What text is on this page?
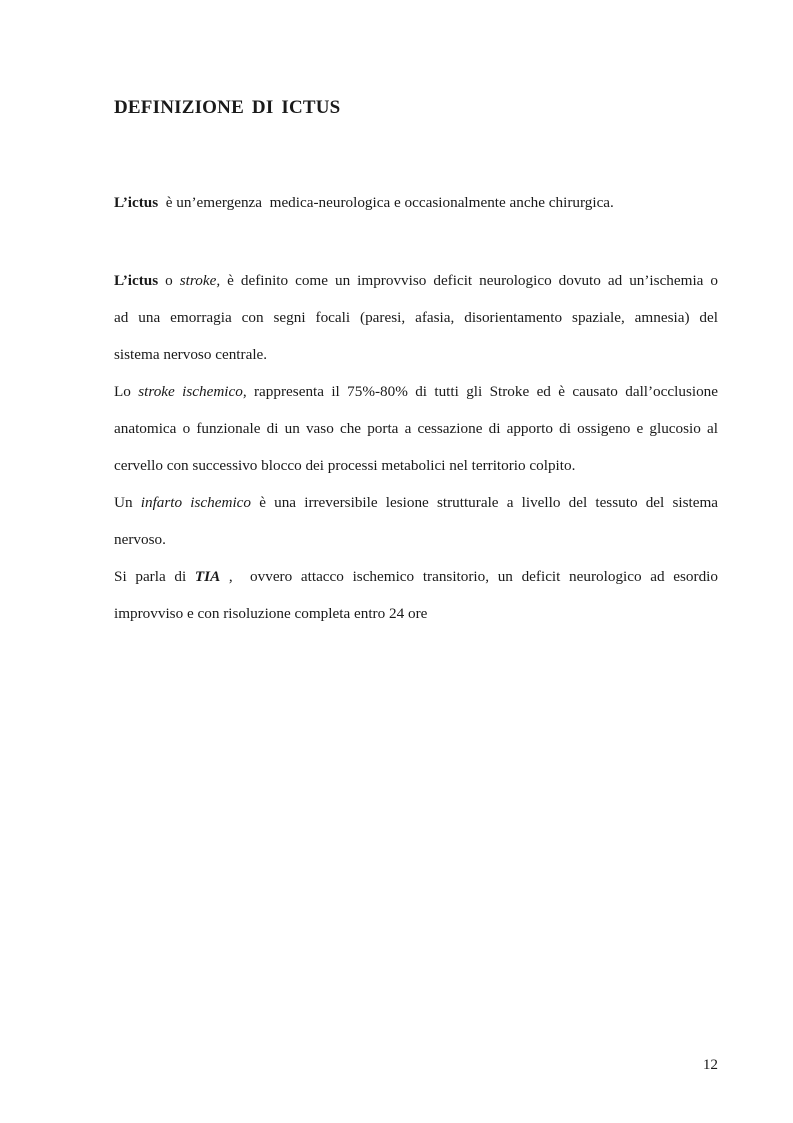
DEFINIZIONE DI ICTUS

L’ictus  è un’emergenza  medica-neurologica e occasionalmente anche chirurgica.

L’ictus o stroke, è definito come un improvviso deficit neurologico dovuto ad un’ischemia o

ad una emorragia con segni focali (paresi, afasia, disorientamento spaziale, amnesia) del

sistema nervoso centrale.

Lo stroke ischemico, rappresenta il 75%-80% di tutti gli Stroke ed è causato dall’occlusione

anatomica o funzionale di un vaso che porta a cessazione di apporto di ossigeno e glucosio al

cervello con successivo blocco dei processi metabolici nel territorio colpito.

Un infarto ischemico è una irreversibile lesione strutturale a livello del tessuto del sistema

nervoso.

Si parla di TIA ,  ovvero attacco ischemico transitorio, un deficit neurologico ad esordio

improvviso e con risoluzione completa entro 24 ore

12
